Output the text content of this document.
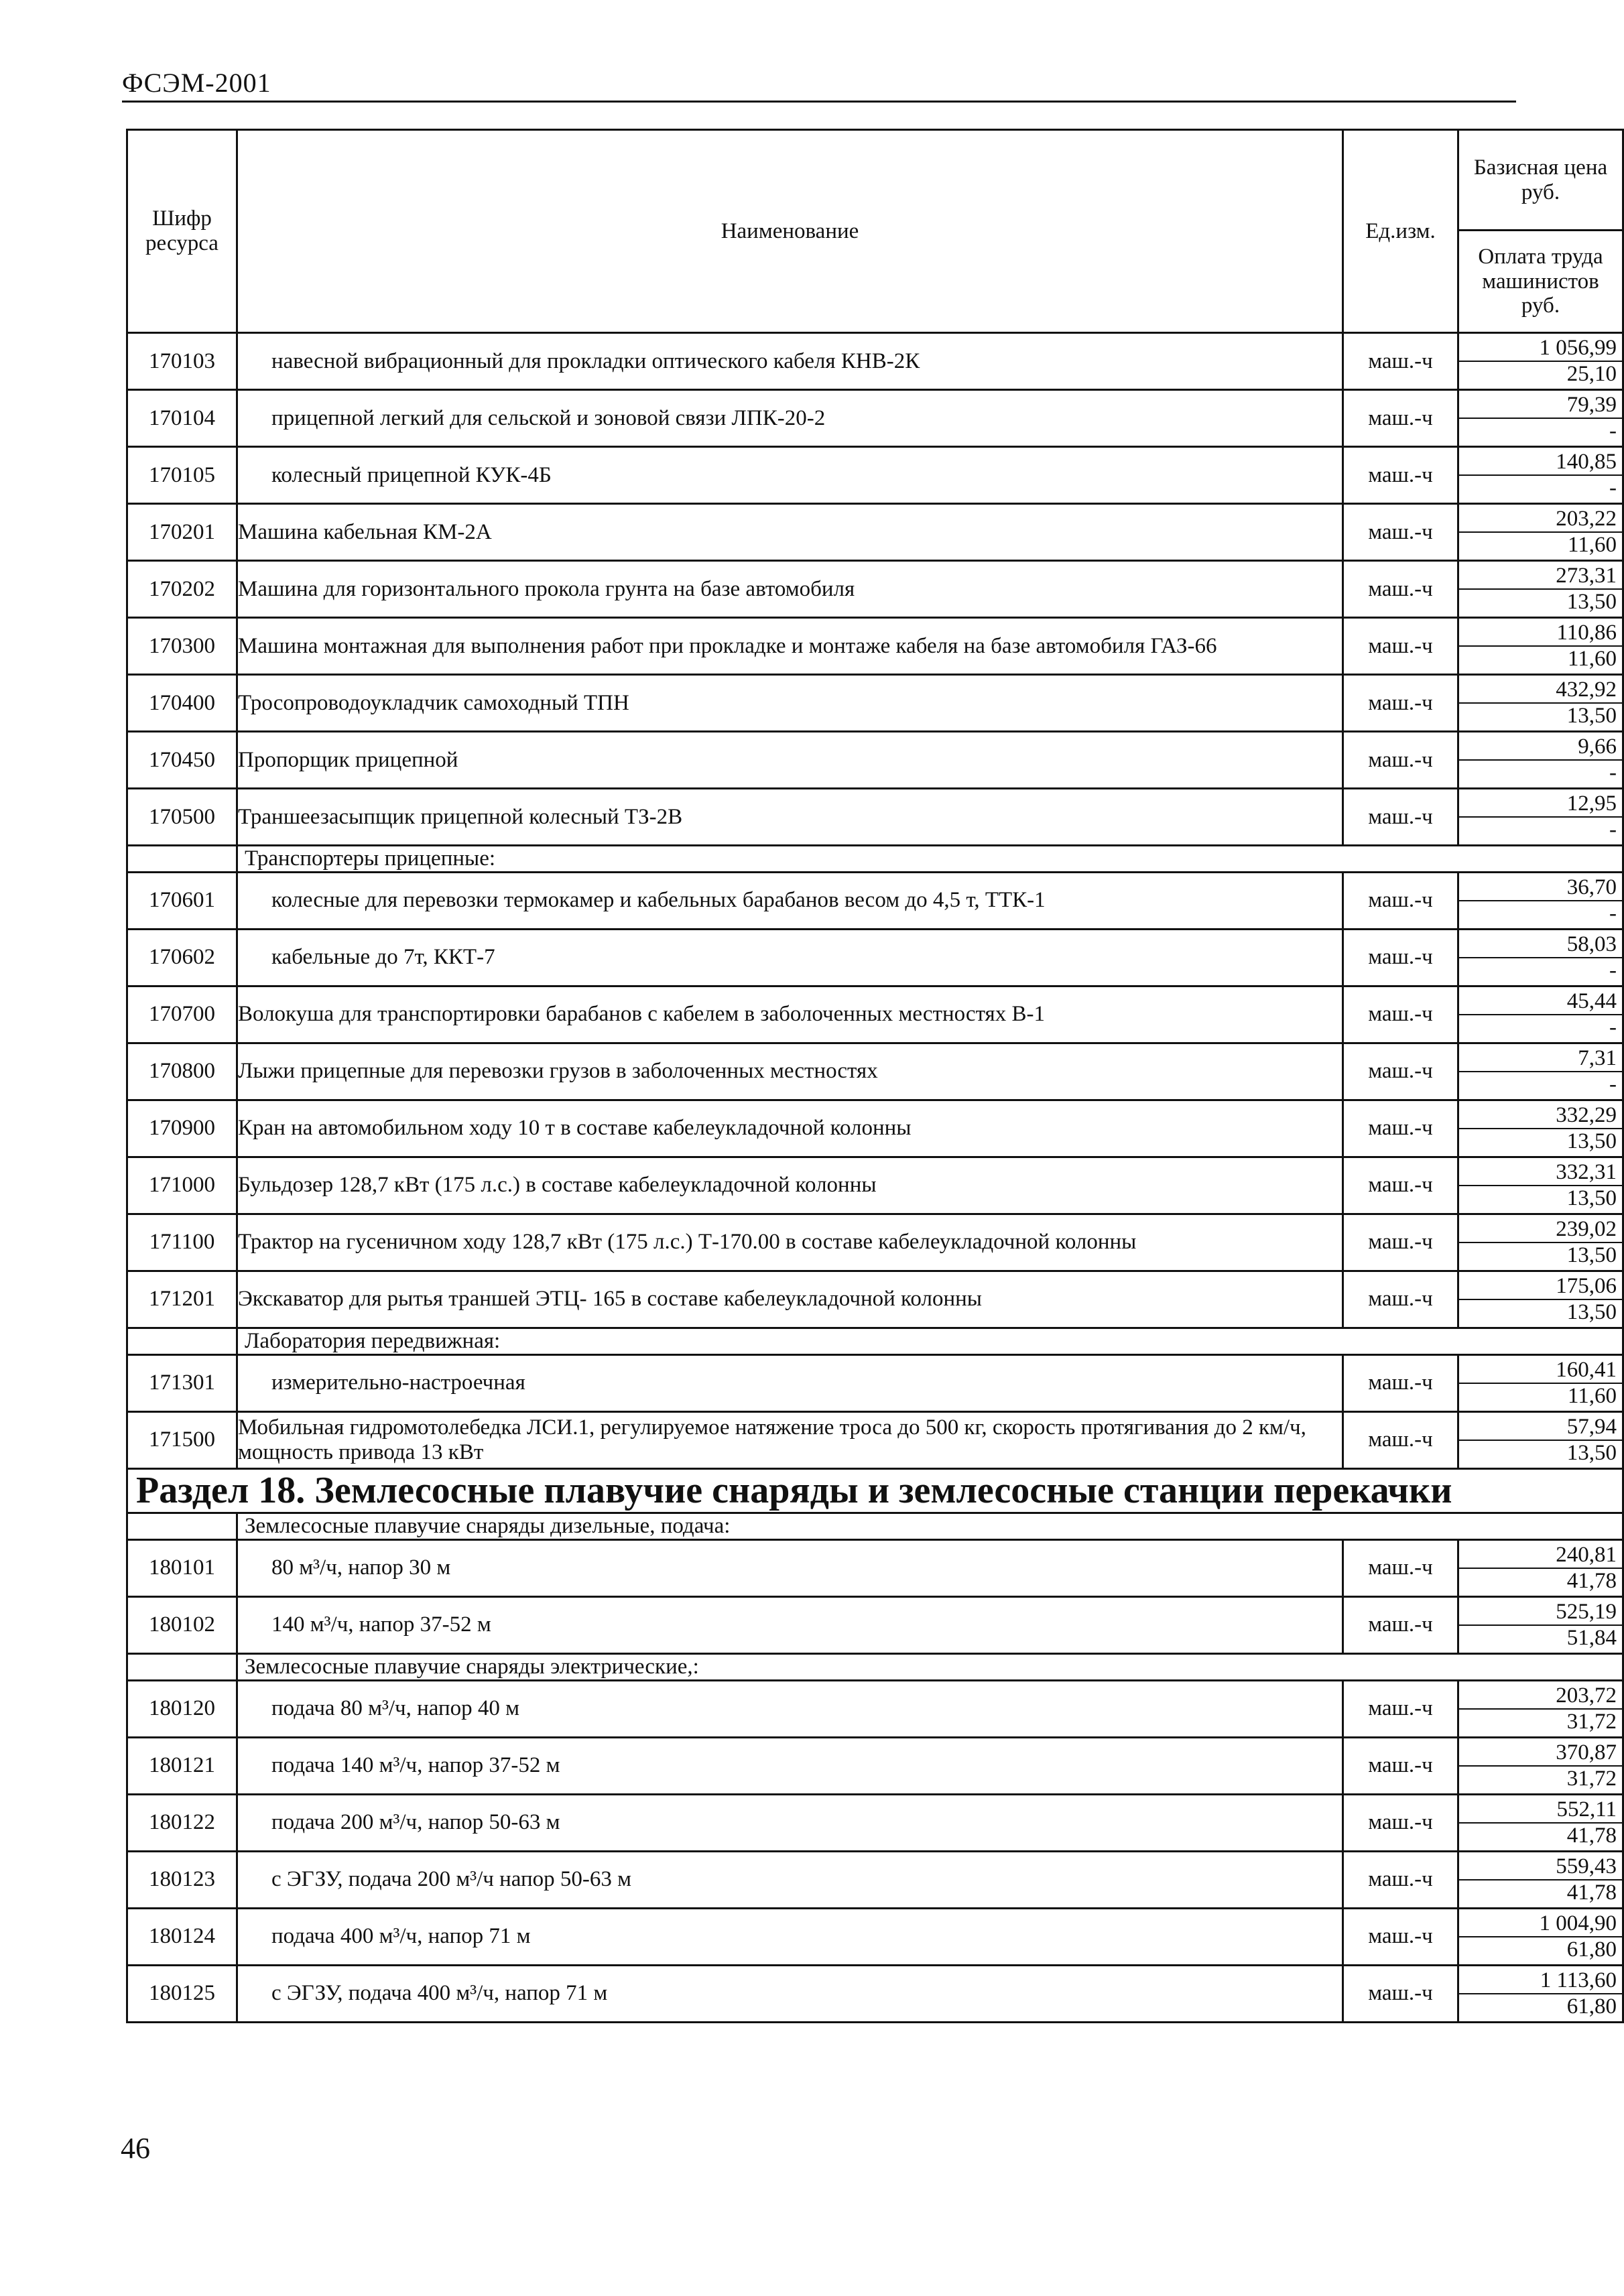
ФСЭМ-2001
Шифр ресурса	Наименование	Ед.изм.	Базисная цена руб.
Оплата труда машинистов руб.

170103	навесной вибрационный для прокладки оптического кабеля КНВ-2К	маш.-ч	1 056,99
25,10

170104	прицепной легкий для сельской и зоновой связи ЛПК-20-2	маш.-ч	79,39
-

170105	колесный прицепной КУК-4Б	маш.-ч	140,85
-

170201	Машина кабельная КМ-2А	маш.-ч	203,22
11,60

170202	Машина для горизонтального прокола грунта на базе автомобиля	маш.-ч	273,31
13,50

170300	Машина монтажная для выполнения работ при прокладке и монтаже кабеля на базе автомобиля ГАЗ-66	маш.-ч	110,86
11,60

170400	Тросопроводоукладчик самоходный ТПН	маш.-ч	432,92
13,50

170450	Пропорщик прицепной	маш.-ч	9,66
-

170500	Траншеезасыпщик прицепной колесный ТЗ-2В	маш.-ч	12,95
-

	Транспортеры прицепные:		
170601	колесные для перевозки термокамер и кабельных барабанов весом до 4,5 т, ТТК-1	маш.-ч	36,70
-

170602	кабельные до 7т, ККТ-7	маш.-ч	58,03
-

170700	Волокуша для транспортировки барабанов с кабелем в заболоченных местностях В-1	маш.-ч	45,44
-

170800	Лыжи прицепные для перевозки грузов в заболоченных местностях	маш.-ч	7,31
-

170900	Кран на автомобильном ходу 10 т в составе кабелеукладочной колонны	маш.-ч	332,29
13,50

171000	Бульдозер 128,7 кВт (175 л.с.) в составе кабелеукладочной колонны	маш.-ч	332,31
13,50

171100	Трактор на гусеничном ходу 128,7 кВт (175 л.с.) Т-170.00 в составе кабелеукладочной колонны	маш.-ч	239,02
13,50

171201	Экскаватор для рытья траншей ЭТЦ- 165 в составе кабелеукладочной колонны	маш.-ч	175,06
13,50

	Лаборатория передвижная:		
171301	измерительно-настроечная	маш.-ч	160,41
11,60

171500	Мобильная гидромотолебедка ЛСИ.1, регулируемое натяжение троса до 500 кг, скорость протягивания до 2 км/ч, мощность привода 13 кВт	маш.-ч	57,94
13,50

Раздел 18. Землесосные плавучие снаряды и землесосные станции перекачки			
	Землесосные плавучие снаряды дизельные, подача:		
180101	80 м³/ч, напор 30 м	маш.-ч	240,81
41,78

180102	140 м³/ч, напор 37-52 м	маш.-ч	525,19
51,84

	Землесосные плавучие снаряды электрические,:		
180120	подача 80 м³/ч, напор 40 м	маш.-ч	203,72
31,72

180121	подача 140 м³/ч, напор 37-52 м	маш.-ч	370,87
31,72

180122	подача 200 м³/ч, напор 50-63 м	маш.-ч	552,11
41,78

180123	с ЭГЗУ, подача 200 м³/ч напор 50-63 м	маш.-ч	559,43
41,78

180124	подача 400 м³/ч, напор 71 м	маш.-ч	1 004,90
61,80

180125	с ЭГЗУ, подача 400 м³/ч, напор 71 м	маш.-ч	1 113,60
61,80
46
